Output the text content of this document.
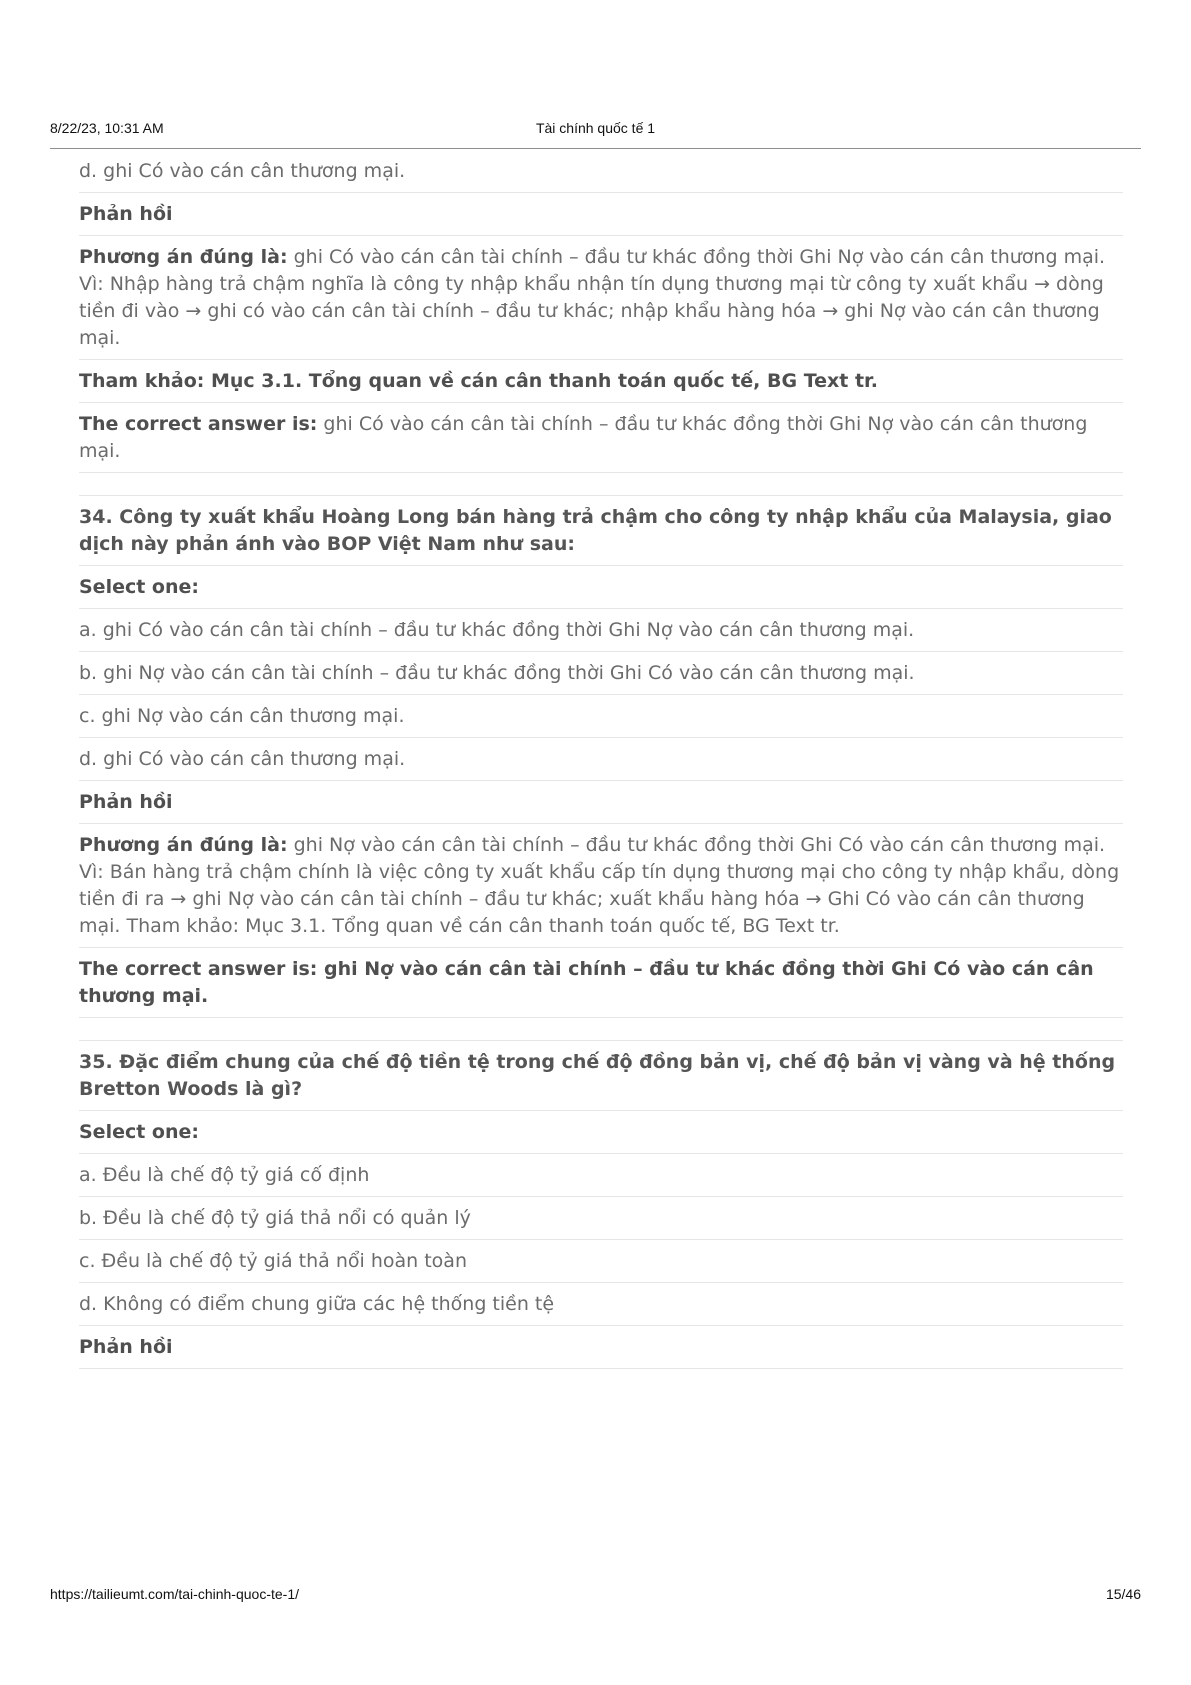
8/22/23, 10:31 AM	Tài chính quốc tế 1
d. ghi Có vào cán cân thương mại.
Phản hồi
Phương án đúng là: ghi Có vào cán cân tài chính – đầu tư khác đồng thời Ghi Nợ vào cán cân thương mại. Vì: Nhập hàng trả chậm nghĩa là công ty nhập khẩu nhận tín dụng thương mại từ công ty xuất khẩu → dòng tiền đi vào → ghi có vào cán cân tài chính – đầu tư khác; nhập khẩu hàng hóa → ghi Nợ vào cán cân thương mại.
Tham khảo: Mục 3.1. Tổng quan về cán cân thanh toán quốc tế, BG Text tr.
The correct answer is: ghi Có vào cán cân tài chính – đầu tư khác đồng thời Ghi Nợ vào cán cân thương mại.
34. Công ty xuất khẩu Hoàng Long bán hàng trả chậm cho công ty nhập khẩu của Malaysia, giao dịch này phản ánh vào BOP Việt Nam như sau:
Select one:
a. ghi Có vào cán cân tài chính – đầu tư khác đồng thời Ghi Nợ vào cán cân thương mại.
b. ghi Nợ vào cán cân tài chính – đầu tư khác đồng thời Ghi Có vào cán cân thương mại.
c. ghi Nợ vào cán cân thương mại.
d. ghi Có vào cán cân thương mại.
Phản hồi
Phương án đúng là: ghi Nợ vào cán cân tài chính – đầu tư khác đồng thời Ghi Có vào cán cân thương mại. Vì: Bán hàng trả chậm chính là việc công ty xuất khẩu cấp tín dụng thương mại cho công ty nhập khẩu, dòng tiền đi ra → ghi Nợ vào cán cân tài chính – đầu tư khác; xuất khẩu hàng hóa → Ghi Có vào cán cân thương mại. Tham khảo: Mục 3.1. Tổng quan về cán cân thanh toán quốc tế, BG Text tr.
The correct answer is: ghi Nợ vào cán cân tài chính – đầu tư khác đồng thời Ghi Có vào cán cân thương mại.
35. Đặc điểm chung của chế độ tiền tệ trong chế độ đồng bản vị, chế độ bản vị vàng và hệ thống Bretton Woods là gì?
Select one:
a. Đều là chế độ tỷ giá cố định
b. Đều là chế độ tỷ giá thả nổi có quản lý
c. Đều là chế độ tỷ giá thả nổi hoàn toàn
d. Không có điểm chung giữa các hệ thống tiền tệ
Phản hồi
https://tailieumt.com/tai-chinh-quoc-te-1/	15/46
